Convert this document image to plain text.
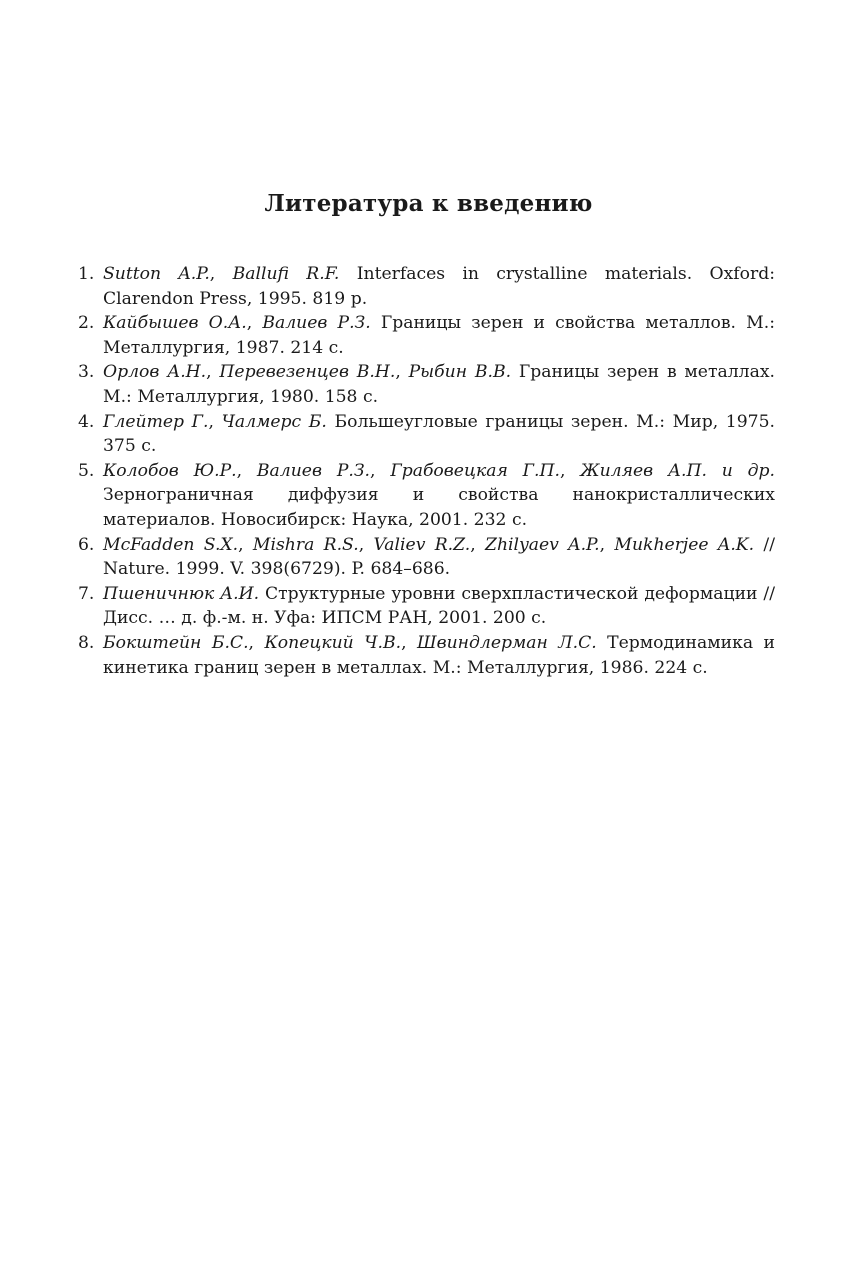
Литература к введению
1. Sutton A.P., Ballufi R.F. Interfaces in crystalline materials. Oxford: Clarendon Press, 1995. 819 p.
2. Кайбышев О.А., Валиев Р.З. Границы зерен и свойства металлов. М.: Металлургия, 1987. 214 с.
3. Орлов А.Н., Перевезенцев В.Н., Рыбин В.В. Границы зерен в металлах. М.: Металлургия, 1980. 158 с.
4. Глейтер Г., Чалмерс Б. Большеугловые границы зерен. М.: Мир, 1975. 375 с.
5. Колобов Ю.Р., Валиев Р.З., Грабовецкая Г.П., Жиляев А.П. и др. Зернограничная диффузия и свойства нанокристаллических материалов. Новосибирск: Наука, 2001. 232 с.
6. McFadden S.X., Mishra R.S., Valiev R.Z., Zhilyaev A.P., Mukherjee A.K. // Nature. 1999. V. 398(6729). P. 684–686.
7. Пшеничнюк А.И. Структурные уровни сверхпластической деформации // Дисс. … д. ф.-м. н. Уфа: ИПСМ РАН, 2001. 200 с.
8. Бокштейн Б.С., Копецкий Ч.В., Швиндлерман Л.С. Термодинамика и кинетика границ зерен в металлах. М.: Металлургия, 1986. 224 с.
